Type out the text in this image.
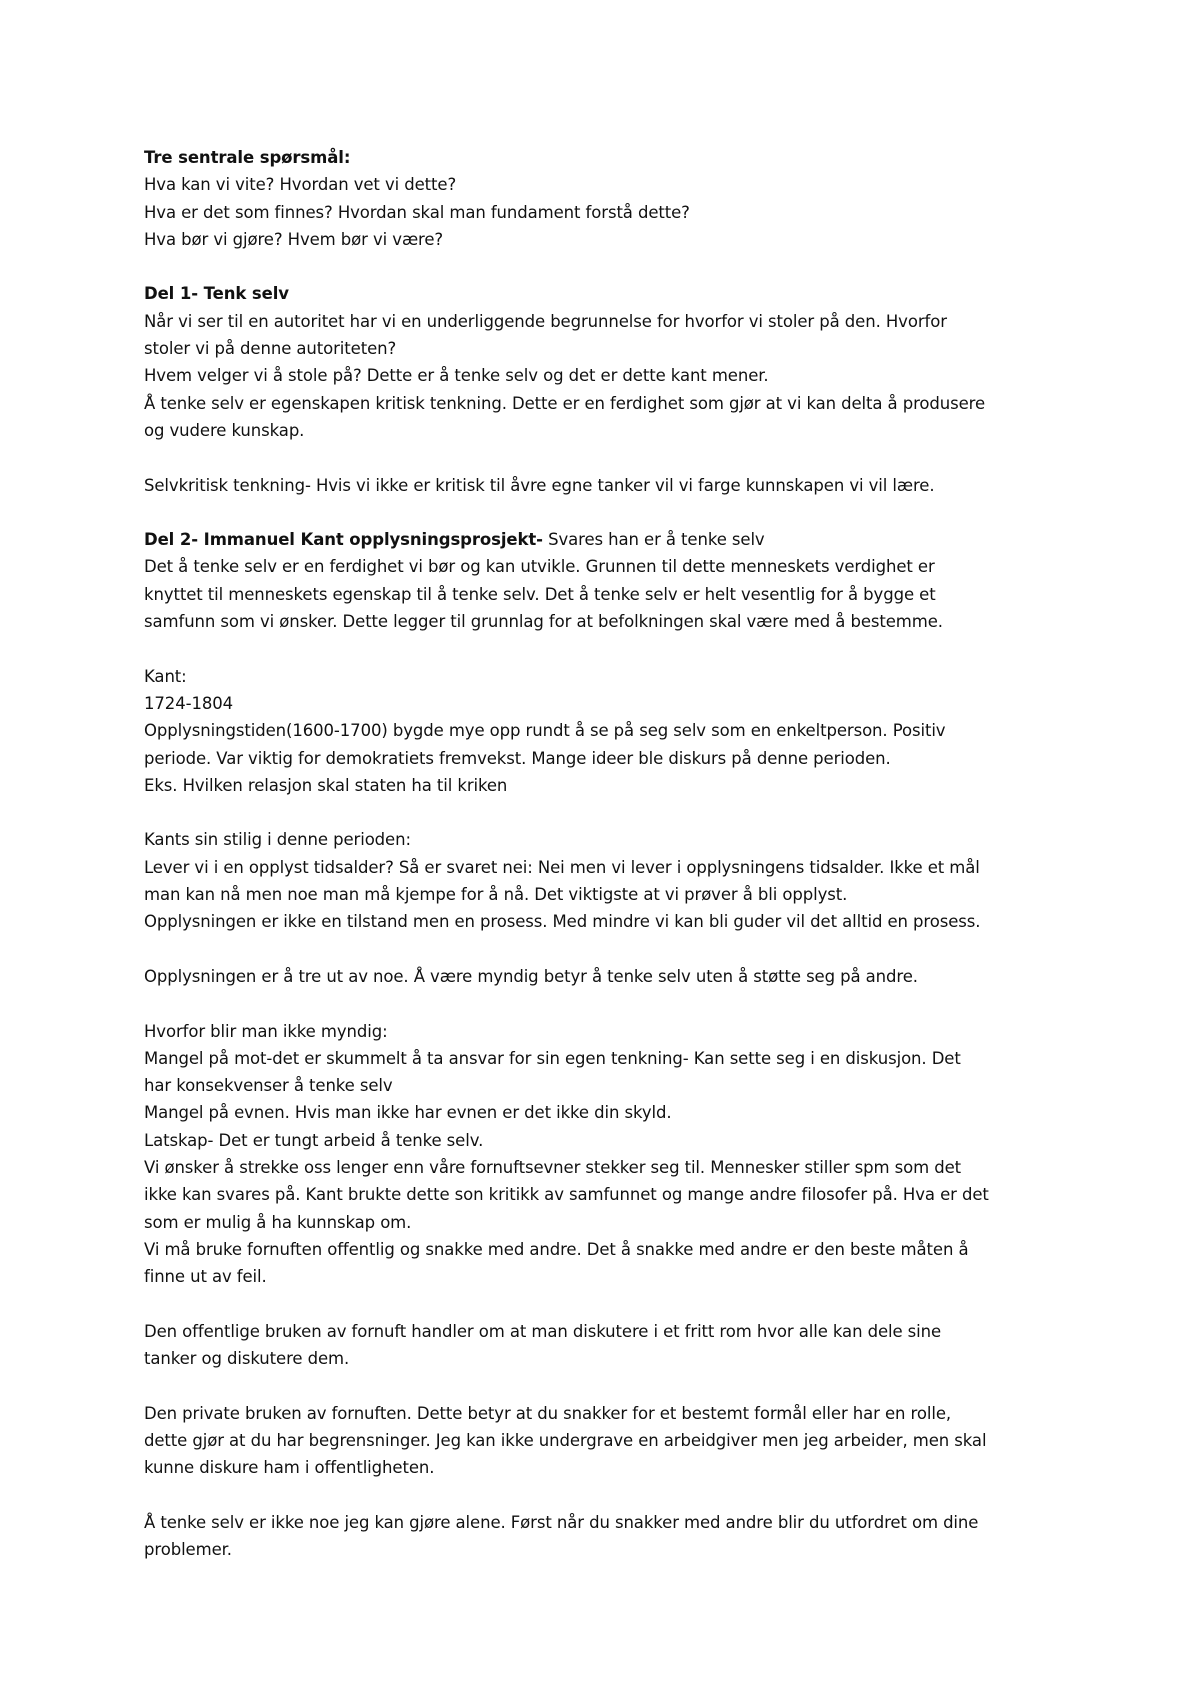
Tre sentrale spørsmål:
Hva kan vi vite? Hvordan vet vi dette?
Hva er det som finnes? Hvordan skal man fundament forstå dette?
Hva bør vi gjøre? Hvem bør vi være?
Del 1- Tenk selv
Når vi ser til en autoritet har vi en underliggende begrunnelse for hvorfor vi stoler på den. Hvorfor
stoler vi på denne autoriteten?
Hvem velger vi å stole på? Dette er å tenke selv og det er dette kant mener.
Å tenke selv er egenskapen kritisk tenkning. Dette er en ferdighet som gjør at vi kan delta å produsere
og vudere kunskap.
Selvkritisk tenkning- Hvis vi ikke er kritisk til åvre egne tanker vil vi farge kunnskapen vi vil lære.
Del 2- Immanuel Kant opplysningsprosjekt- Svares han er å tenke selv
Det å tenke selv er en ferdighet vi bør og kan utvikle. Grunnen til dette menneskets verdighet er
knyttet til menneskets egenskap til å tenke selv. Det å tenke selv er helt vesentlig for å bygge et
samfunn som vi ønsker. Dette legger til grunnlag for at befolkningen skal være med å bestemme.
Kant:
1724-1804
Opplysningstiden(1600-1700) bygde mye opp rundt å se på seg selv som en enkeltperson. Positiv
periode. Var viktig for demokratiets fremvekst. Mange ideer ble diskurs på denne perioden.
Eks. Hvilken relasjon skal staten ha til kriken
Kants sin stilig i denne perioden:
Lever vi i en opplyst tidsalder? Så er svaret nei: Nei men vi lever i opplysningens tidsalder. Ikke et mål
man kan nå men noe man må kjempe for å nå. Det viktigste at vi prøver å bli opplyst.
Opplysningen er ikke en tilstand men en prosess. Med mindre vi kan bli guder vil det alltid en prosess.
Opplysningen er å tre ut av noe. Å være myndig betyr å tenke selv uten å støtte seg på andre.
Hvorfor blir man ikke myndig:
Mangel på mot-det er skummelt å ta ansvar for sin egen tenkning- Kan sette seg i en diskusjon. Det
har konsekvenser å tenke selv
Mangel på evnen. Hvis man ikke har evnen er det ikke din skyld.
Latskap- Det er tungt arbeid å tenke selv.
Vi ønsker å strekke oss lenger enn våre fornuftsevner stekker seg til. Mennesker stiller spm som det
ikke kan svares på. Kant brukte dette son kritikk av samfunnet og mange andre filosofer på. Hva er det
som er mulig å ha kunnskap om.
Vi må bruke fornuften offentlig og snakke med andre. Det å snakke med andre er den beste måten å
finne ut av feil.
Den offentlige bruken av fornuft handler om at man diskutere i et fritt rom hvor alle kan dele sine
tanker og diskutere dem.
Den private bruken av fornuften. Dette betyr at du snakker for et bestemt formål eller har en rolle,
dette gjør at du har begrensninger. Jeg kan ikke undergrave en arbeidgiver men jeg arbeider, men skal
kunne diskure ham i offentligheten.
Å tenke selv er ikke noe jeg kan gjøre alene. Først når du snakker med andre blir du utfordret om dine
problemer.
